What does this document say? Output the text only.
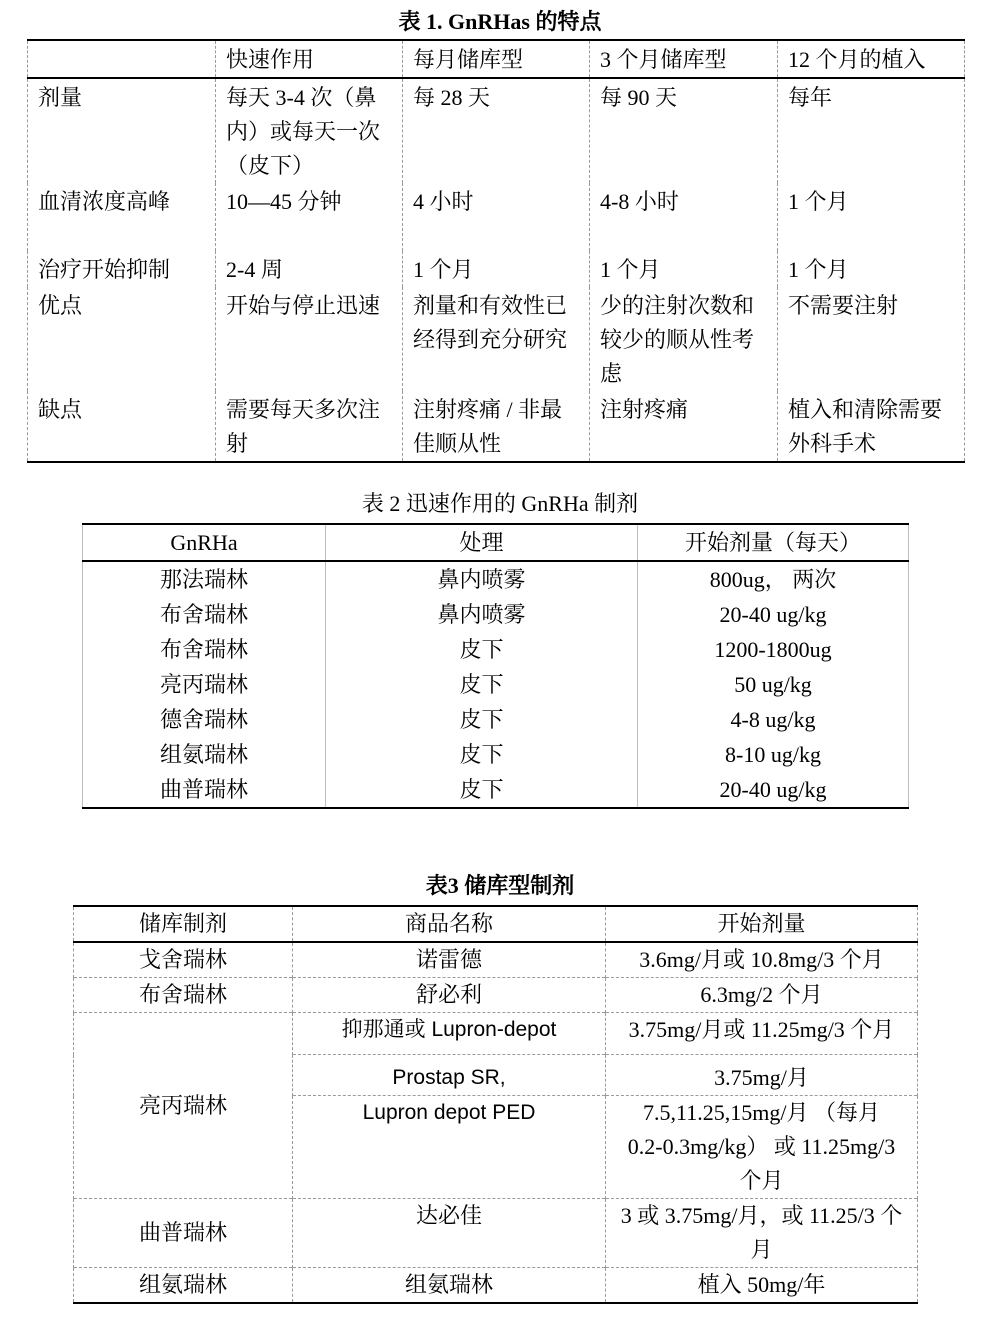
表 1. GnRHas 的特点
	快速作用	每月储库型	3 个月储库型	12 个月的植入
剂量	每天 3-4 次（鼻内）或每天一次（皮下）	每 28 天	每 90 天	每年
血清浓度高峰	10—45 分钟	4 小时	4-8 小时	1 个月
治疗开始抑制	2-4 周	1 个月	1 个月	1 个月
优点	开始与停止迅速	剂量和有效性已经得到充分研究	少的注射次数和较少的顺从性考虑	不需要注射
缺点	需要每天多次注射	注射疼痛 / 非最佳顺从性	注射疼痛	植入和清除需要外科手术
表 2 迅速作用的 GnRHa 制剂
GnRHa	处理	开始剂量（每天）
那法瑞林	鼻内喷雾	800ug， 两次
布舍瑞林	鼻内喷雾	20-40 ug/kg
布舍瑞林	皮下	1200-1800ug
亮丙瑞林	皮下	50 ug/kg
德舍瑞林	皮下	4-8 ug/kg
组氨瑞林	皮下	8-10 ug/kg
曲普瑞林	皮下	20-40 ug/kg
表3 储库型制剂
储库制剂	商品名称	开始剂量
戈舍瑞林	诺雷德	3.6mg/月或 10.8mg/3 个月
布舍瑞林	舒必利	6.3mg/2 个月
亮丙瑞林	抑那通或 Lupron-depot	3.75mg/月或 11.25mg/3 个月
	Prostap SR,	3.75mg/月
	Lupron depot PED	7.5,11.25,15mg/月 （每月 0.2-0.3mg/kg） 或 11.25mg/3 个月
曲普瑞林	达必佳	3 或 3.75mg/月，或 11.25/3 个月
组氨瑞林	组氨瑞林	植入 50mg/年
